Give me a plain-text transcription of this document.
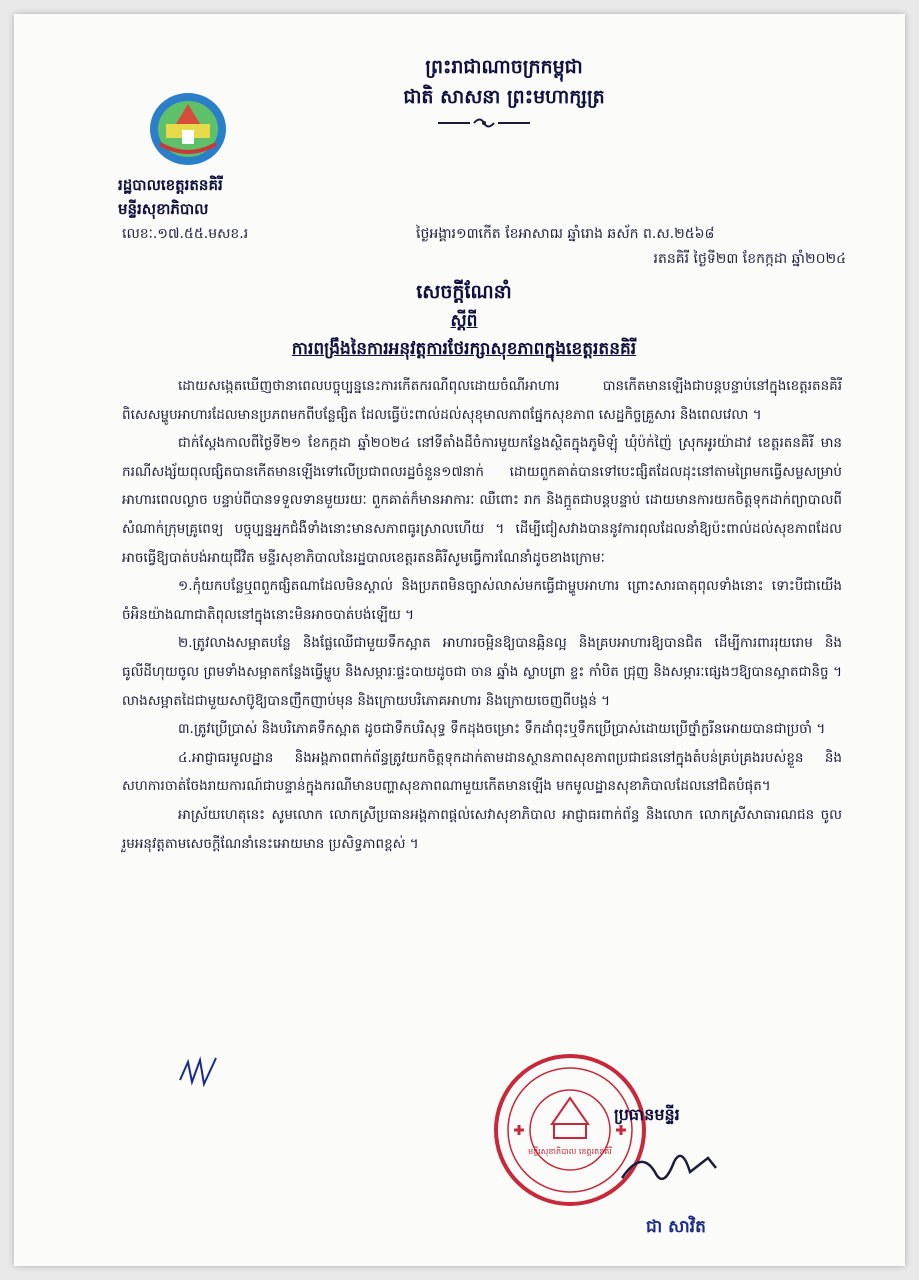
ព្រះរាជាណាចក្រកម្ពុជា
ជាតិ សាសនា ព្រះមហាក្សត្រ
រដ្ឋបាលខេត្តរតនគិរី
មន្ទីរសុខាភិបាល
លេខៈ.១៧.៥៥.មសខ.រ	ថ្ងៃអង្គារ១៣កើត ខែអាសាឍ ឆ្នាំរោង ឆស័ក ព.ស.២៥៦៨
រតនគិរី ថ្ងៃទី២៣ ខែកក្កដា ឆ្នាំ២០២៤
សេចក្ដីណែនាំ
ស្ដីពី
ការពង្រឹងនៃការអនុវត្តការថែរក្សាសុខភាពក្នុងខេត្តរតនគិរី

ដោយសង្កេតឃើញថានាពេលបច្ចុប្បន្ននេះការកើតករណីពុលដោយចំណីអាហារ បានកើតមានឡើងជាបន្តបន្ទាប់នៅក្នុងខេត្តរតនគិរី ពិសេសម្ហូបអាហារដែលមានប្រភពមកពីបន្លែផ្សិត ដែលធ្វើប៉ះពាល់ដល់សុខុមាលភាពផ្នែកសុខភាព សេដ្ឋកិច្ចគ្រួសារ និងពេលវេលា ។

ជាក់ស្ដែងកាលពីថ្ងៃទី២១ ខែកក្កដា ឆ្នាំ២០២៤ នៅទីតាំងដីចំការមួយកន្លែងស្ថិតក្នុងភូមិឡុំ ឃុំប៉ក់ញ៉ៃ ស្រុកអូរយ៉ាដាវ ខេត្តរតនគិរី មានករណីសង្ស័យពុលផ្សិតបានកើតមានឡើងទៅលើប្រជាពលរដ្ឋចំនួន១៧នាក់ ដោយពួកគាត់បានទៅបេះផ្សិតដែលដុះនៅតាមព្រៃមកធ្វើសម្លសម្រាប់អាហារពេលល្ងាច បន្ទាប់ពីបានទទួលទានមួយរយៈ ពួកគាត់ក៏មានអាការៈ ឈឺពោះ រាក និងក្អួតជាបន្តបន្ទាប់ ដោយមានការយកចិត្តទុកដាក់ព្យាបាលពីសំណាក់ក្រុមគ្រូពេទ្យ បច្ចុប្បន្នអ្នកជំងឺទាំងនោះមានសភាពធូរស្រាលហើយ ។ ដើម្បីជៀសវាងបាននូវការពុលដែលនាំឱ្យប៉ះពាល់ដល់សុខភាពដែលអាចធ្វើឱ្យបាត់បង់អាយុជីវិត មន្ទីរសុខាភិបាលនៃរដ្ឋបាលខេត្តរតនគិរីសូមធ្វើការណែនាំដូចខាងក្រោមៈ

១.កុំយកបន្លែឬពពួកផ្សិតណាដែលមិនស្គាល់ និងប្រភពមិនច្បាស់លាស់មកធ្វើជាម្ហូបអាហារ ព្រោះសារធាតុពុលទាំងនោះ ទោះបីជាយើងចំអិនយ៉ាងណាជាតិពុលនៅក្នុងនោះមិនអាចបាត់បង់ឡើយ ។

២.ត្រូវលាងសម្អាតបន្លែ និងផ្លែឈើជាមួយទឹកស្អាត អាហារចម្អិនឱ្យបានឆ្អិនល្អ និងគ្របអាហារឱ្យបានជិត ដើម្បីការពាររុយរោម និងធូលីដីហុយចូល ព្រមទាំងសម្អាតកន្លែងធ្វើម្ហូប និងសម្ភារៈផ្ទះបាយដូចជា ចាន ឆ្នាំង ស្លាបព្រា ខ្ទះ កាំបិត ជ្រុញ និងសម្ភារៈផ្សេងៗឱ្យបានស្អាតជានិច្ច ។ លាងសម្អាតដៃជាមួយសាប៊ូឱ្យបានញឹកញាប់មុន និងក្រោយបរិភោគអាហារ និងក្រោយចេញពីបង្គន់ ។

៣.ត្រូវប្រើប្រាស់ និងបរិភោគទឹកស្អាត ដូចជាទឹកបរិសុទ្ធ ទឹកដុងចម្រោះ ទឹកដាំពុះឬទឹកប្រើប្រាស់ដោយប្រើថ្នាំក្លរីនអោយបានជាប្រចាំ ។

៤.អាជ្ញាធរមូលដ្ឋាន និងអង្គភាពពាក់ព័ន្ធត្រូវយកចិត្តទុកដាក់តាមដានស្ថានភាពសុខភាពប្រជាជននៅក្នុងតំបន់គ្រប់គ្រងរបស់ខ្លួន និងសហការចាត់ចែងរាយការណ៍ជាបន្ទាន់ក្នុងករណីមានបញ្ហាសុខភាពណាមួយកើតមានឡើង មកមូលដ្ឋានសុខាភិបាលដែលនៅជិតបំផុត។

អាស្រ័យហេតុនេះ សូមលោក លោកស្រីប្រធានអង្គភាពផ្ដល់សេវាសុខាភិបាល អាជ្ញាធរពាក់ព័ន្ធ និងលោក លោកស្រីសាធារណជន ចូលរួមអនុវត្តតាមសេចក្ដីណែនាំនេះអោយមាន ប្រសិទ្ធភាពខ្ពស់ ។

មន្ទីរសុខាភិបាល ខេត្តរតនគិរី
ប្រធានមន្ទីរ
ជា សាវិត
